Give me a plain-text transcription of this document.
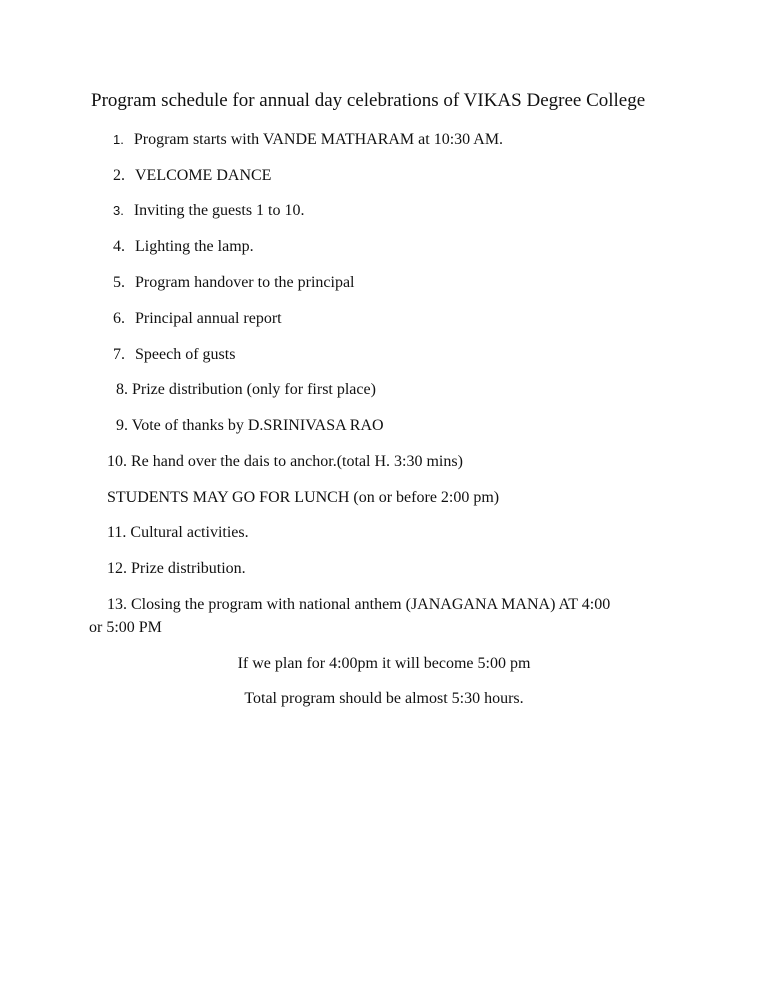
Program schedule for annual day celebrations of VIKAS Degree College
1. Program starts with VANDE MATHARAM at 10:30 AM.
2. VELCOME DANCE
3. Inviting the guests 1 to 10.
4. Lighting the lamp.
5. Program handover to the principal
6. Principal annual report
7. Speech of gusts
8. Prize distribution (only for first place)
9. Vote of thanks by D.SRINIVASA RAO
10. Re hand over the dais to anchor.(total H. 3:30 mins)
STUDENTS MAY GO FOR LUNCH (on or before 2:00 pm)
11. Cultural activities.
12. Prize distribution.
13. Closing the program with national anthem (JANAGANA MANA) AT 4:00
or 5:00 PM
If we plan for 4:00pm it will become 5:00 pm
Total program should be almost 5:30 hours.
